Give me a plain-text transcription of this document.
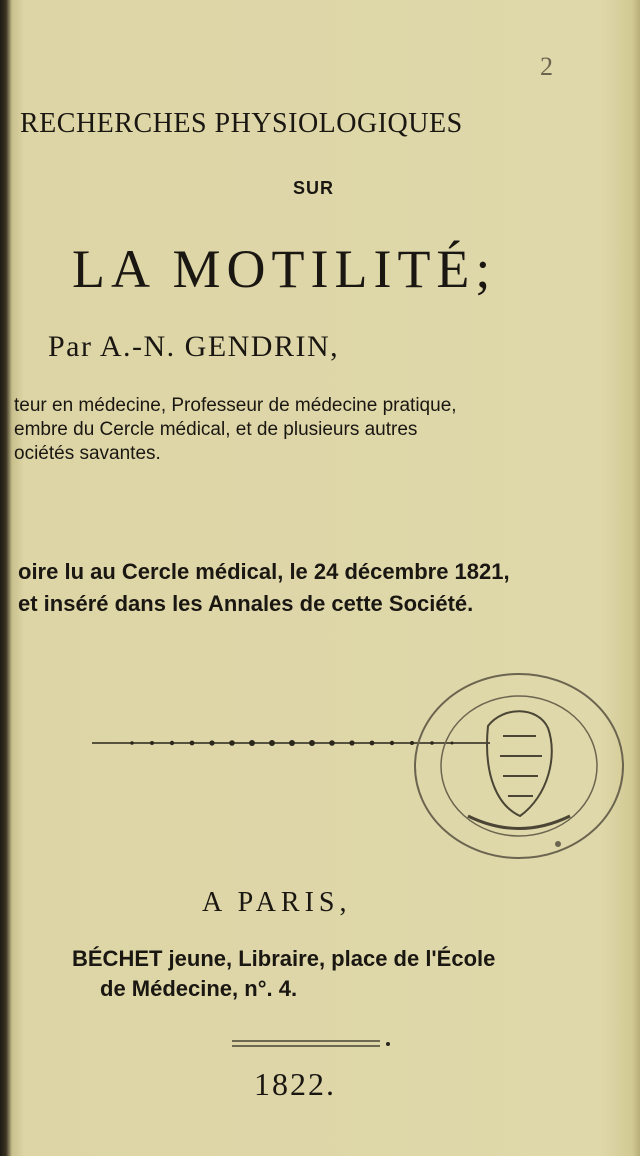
2
RECHERCHES PHYSIOLOGIQUES
SUR
LA MOTILITÉ;
Par A.-N. GENDRIN,
teur en médecine, Professeur de médecine pratique,
embre du Cercle médical, et de plusieurs autres
ociétés savantes.
oire lu au Cercle médical, le 24 décembre 1821,
et inséré dans les Annales de cette Société.
A PARIS,
BÉCHET jeune, Libraire, place de l'École
de Médecine, n°. 4.
1822.
